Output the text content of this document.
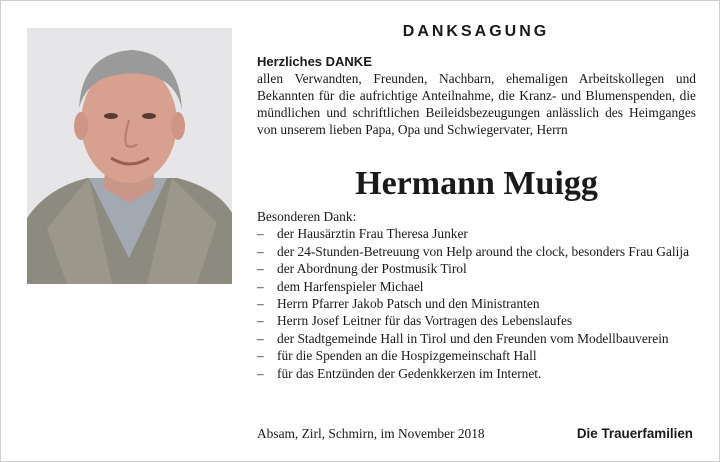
DANKSAGUNG
Herzliches DANKE
allen Verwandten, Freunden, Nachbarn, ehemaligen Arbeitskollegen und Bekannten für die aufrichtige Anteilnahme, die Kranz- und Blumenspenden, die mündlichen und schriftlichen Beileidsbezeugungen anlässlich des Heimganges von unserem lieben Papa, Opa und Schwiegervater, Herrn
Hermann Muigg
Besonderen Dank:
– der Hausärztin Frau Theresa Junker
– der 24-Stunden-Betreuung von Help around the clock, besonders Frau Galija
– der Abordnung der Postmusik Tirol
– dem Harfenspieler Michael
– Herrn Pfarrer Jakob Patsch und den Ministranten
– Herrn Josef Leitner für das Vortragen des Lebenslaufes
– der Stadtgemeinde Hall in Tirol und den Freunden vom Modellbauverein
– für die Spenden an die Hospizgemeinschaft Hall
– für das Entzünden der Gedenkkerzen im Internet.
Absam, Zirl, Schmirn, im November 2018	Die Trauerfamilien
